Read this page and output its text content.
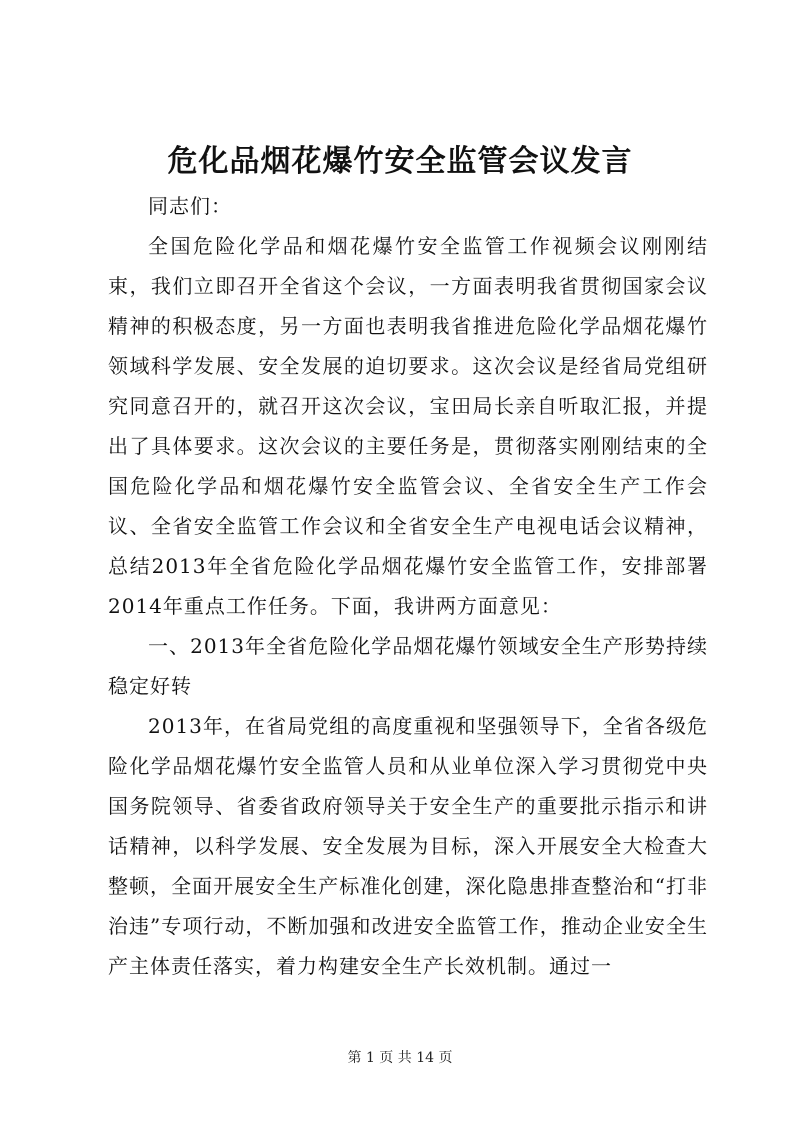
危化品烟花爆竹安全监管会议发言

同志们：

全国危险化学品和烟花爆竹安全监管工作视频会议刚刚结束，我们立即召开全省这个会议，一方面表明我省贯彻国家会议精神的积极态度，另一方面也表明我省推进危险化学品烟花爆竹领域科学发展、安全发展的迫切要求。这次会议是经省局党组研究同意召开的，就召开这次会议，宝田局长亲自听取汇报，并提出了具体要求。这次会议的主要任务是，贯彻落实刚刚结束的全国危险化学品和烟花爆竹安全监管会议、全省安全生产工作会议、全省安全监管工作会议和全省安全生产电视电话会议精神，总结2013年全省危险化学品烟花爆竹安全监管工作，安排部署2014年重点工作任务。下面，我讲两方面意见：

一、2013年全省危险化学品烟花爆竹领域安全生产形势持续稳定好转

2013年，在省局党组的高度重视和坚强领导下，全省各级危险化学品烟花爆竹安全监管人员和从业单位深入学习贯彻党中央国务院领导、省委省政府领导关于安全生产的重要批示指示和讲话精神，以科学发展、安全发展为目标，深入开展安全大检查大整顿，全面开展安全生产标准化创建，深化隐患排查整治和“打非治违”专项行动，不断加强和改进安全监管工作，推动企业安全生产主体责任落实，着力构建安全生产长效机制。通过一

第 1 页 共 14 页
